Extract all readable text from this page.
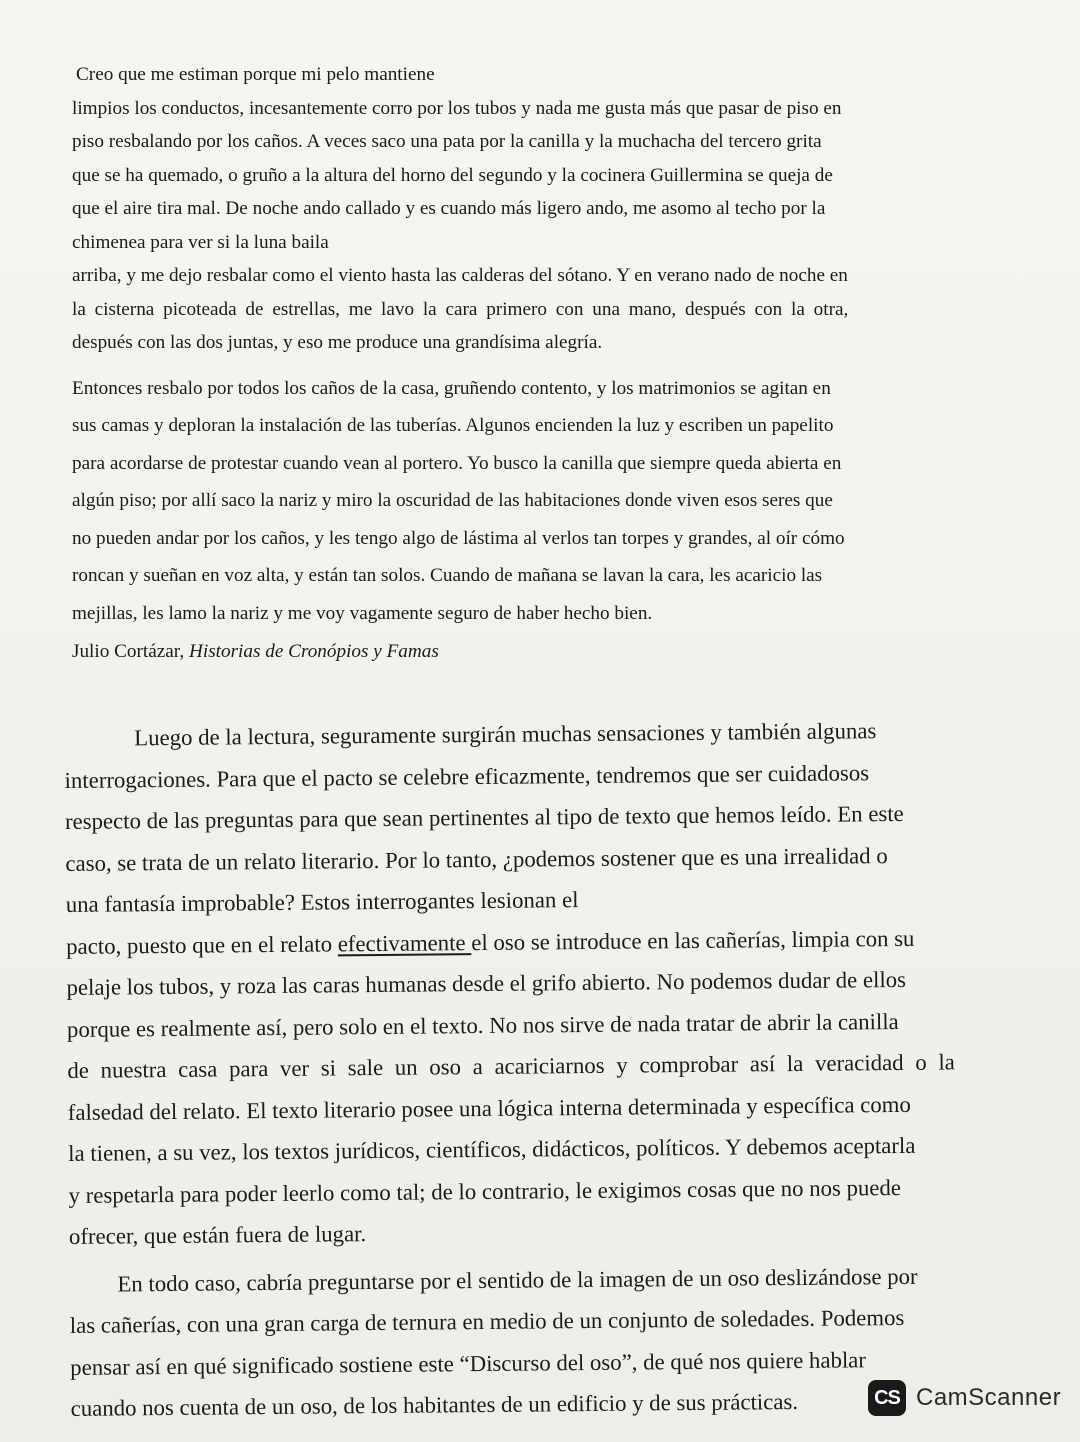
Creo que me estiman porque mi pelo mantiene
limpios los conductos, incesantemente corro por los tubos y nada me gusta más que pasar de piso en
piso resbalando por los caños. A veces saco una pata por la canilla y la muchacha del tercero grita
que se ha quemado, o gruño a la altura del horno del segundo y la cocinera Guillermina se queja de
que el aire tira mal. De noche ando callado y es cuando más ligero ando, me asomo al techo por la
chimenea para ver si la luna baila
arriba, y me dejo resbalar como el viento hasta las calderas del sótano. Y en verano nado de noche en
la cisterna picoteada de estrellas, me lavo la cara primero con una mano, después con la otra,
después con las dos juntas, y eso me produce una grandísima alegría.
Entonces resbalo por todos los caños de la casa, gruñendo contento, y los matrimonios se agitan en
sus camas y deploran la instalación de las tuberías. Algunos encienden la luz y escriben un papelito
para acordarse de protestar cuando vean al portero. Yo busco la canilla que siempre queda abierta en
algún piso; por allí saco la nariz y miro la oscuridad de las habitaciones donde viven esos seres que
no pueden andar por los caños, y les tengo algo de lástima al verlos tan torpes y grandes, al oír cómo
roncan y sueñan en voz alta, y están tan solos. Cuando de mañana se lavan la cara, les acaricio las
mejillas, les lamo la nariz y me voy vagamente seguro de haber hecho bien.
Julio Cortázar, Historias de Cronópios y Famas
Luego de la lectura, seguramente surgirán muchas sensaciones y también algunas
interrogaciones. Para que el pacto se celebre eficazmente, tendremos que ser cuidadosos
respecto de las preguntas para que sean pertinentes al tipo de texto que hemos leído. En este
caso, se trata de un relato literario. Por lo tanto, ¿podemos sostener que es una irrealidad o
una fantasía improbable? Estos interrogantes lesionan el
pacto, puesto que en el relato efectivamente el oso se introduce en las cañerías, limpia con su
pelaje los tubos, y roza las caras humanas desde el grifo abierto. No podemos dudar de ellos
porque es realmente así, pero solo en el texto. No nos sirve de nada tratar de abrir la canilla
de nuestra casa para ver si sale un oso a acariciarnos y comprobar así la veracidad o la
falsedad del relato. El texto literario posee una lógica interna determinada y específica como
la tienen, a su vez, los textos jurídicos, científicos, didácticos, políticos. Y debemos aceptarla
y respetarla para poder leerlo como tal; de lo contrario, le exigimos cosas que no nos puede
ofrecer, que están fuera de lugar.
En todo caso, cabría preguntarse por el sentido de la imagen de un oso deslizándose por
las cañerías, con una gran carga de ternura en medio de un conjunto de soledades. Podemos
pensar así en qué significado sostiene este “Discurso del oso”, de qué nos quiere hablar
cuando nos cuenta de un oso, de los habitantes de un edificio y de sus prácticas.	CS CamScanner
